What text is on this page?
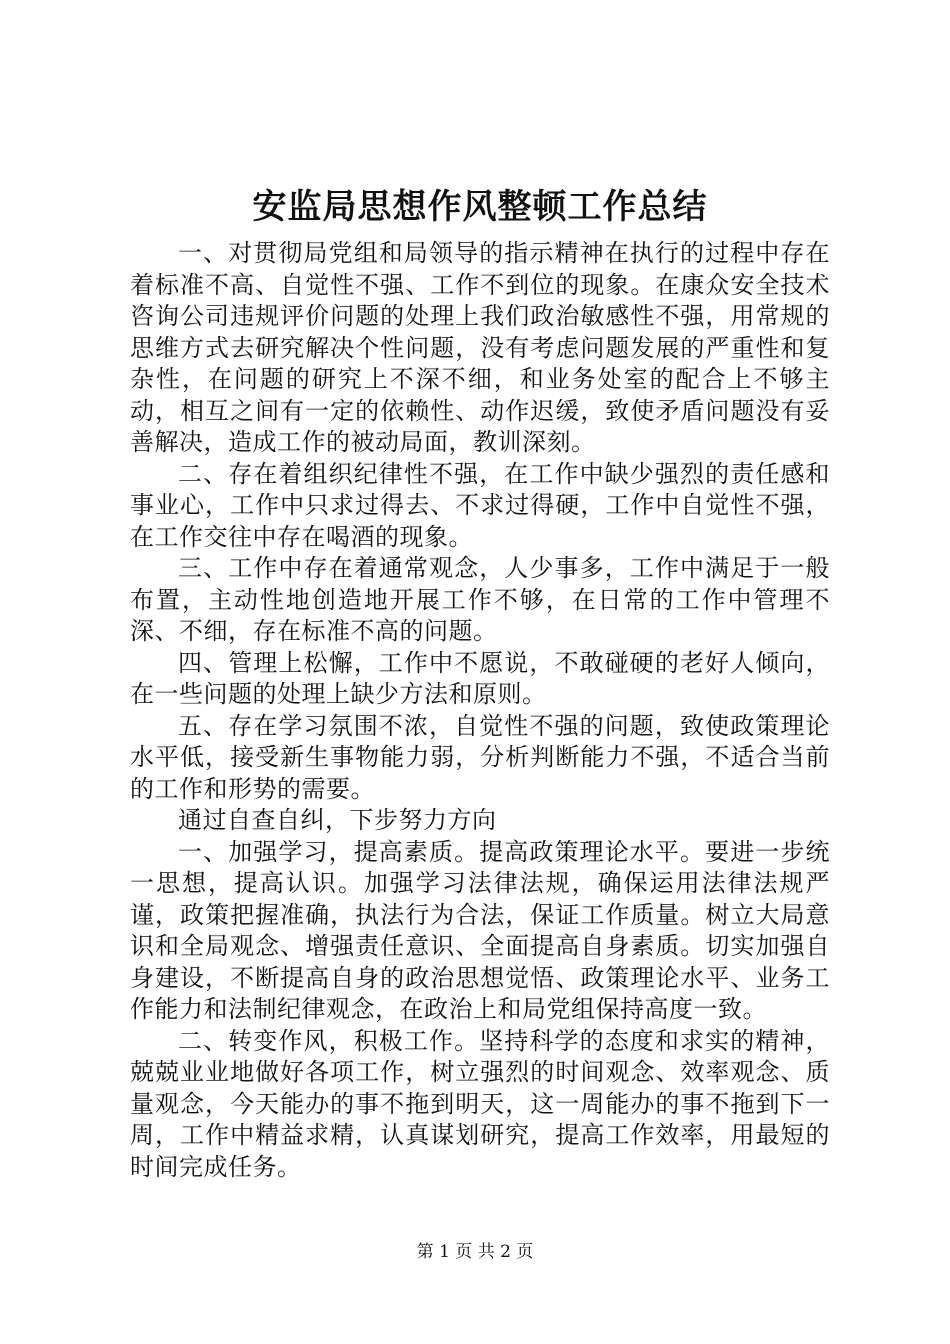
安监局思想作风整顿工作总结

一、对贯彻局党组和局领导的指示精神在执行的过程中存在着标准不高、自觉性不强、工作不到位的现象。在康众安全技术咨询公司违规评价问题的处理上我们政治敏感性不强，用常规的思维方式去研究解决个性问题，没有考虑问题发展的严重性和复杂性，在问题的研究上不深不细，和业务处室的配合上不够主动，相互之间有一定的依赖性、动作迟缓，致使矛盾问题没有妥善解决，造成工作的被动局面，教训深刻。

二、存在着组织纪律性不强，在工作中缺少强烈的责任感和事业心，工作中只求过得去、不求过得硬，工作中自觉性不强，在工作交往中存在喝酒的现象。

三、工作中存在着通常观念，人少事多，工作中满足于一般布置，主动性地创造地开展工作不够，在日常的工作中管理不深、不细，存在标准不高的问题。

四、管理上松懈，工作中不愿说，不敢碰硬的老好人倾向，在一些问题的处理上缺少方法和原则。

五、存在学习氛围不浓，自觉性不强的问题，致使政策理论水平低，接受新生事物能力弱，分析判断能力不强，不适合当前的工作和形势的需要。

通过自查自纠，下步努力方向

一、加强学习，提高素质。提高政策理论水平。要进一步统一思想，提高认识。加强学习法律法规，确保运用法律法规严谨，政策把握准确，执法行为合法，保证工作质量。树立大局意识和全局观念、增强责任意识、全面提高自身素质。切实加强自身建设，不断提高自身的政治思想觉悟、政策理论水平、业务工作能力和法制纪律观念，在政治上和局党组保持高度一致。

二、转变作风，积极工作。坚持科学的态度和求实的精神，兢兢业业地做好各项工作，树立强烈的时间观念、效率观念、质量观念，今天能办的事不拖到明天，这一周能办的事不拖到下一周，工作中精益求精，认真谋划研究，提高工作效率，用最短的时间完成任务。

第 1 页 共 2 页
